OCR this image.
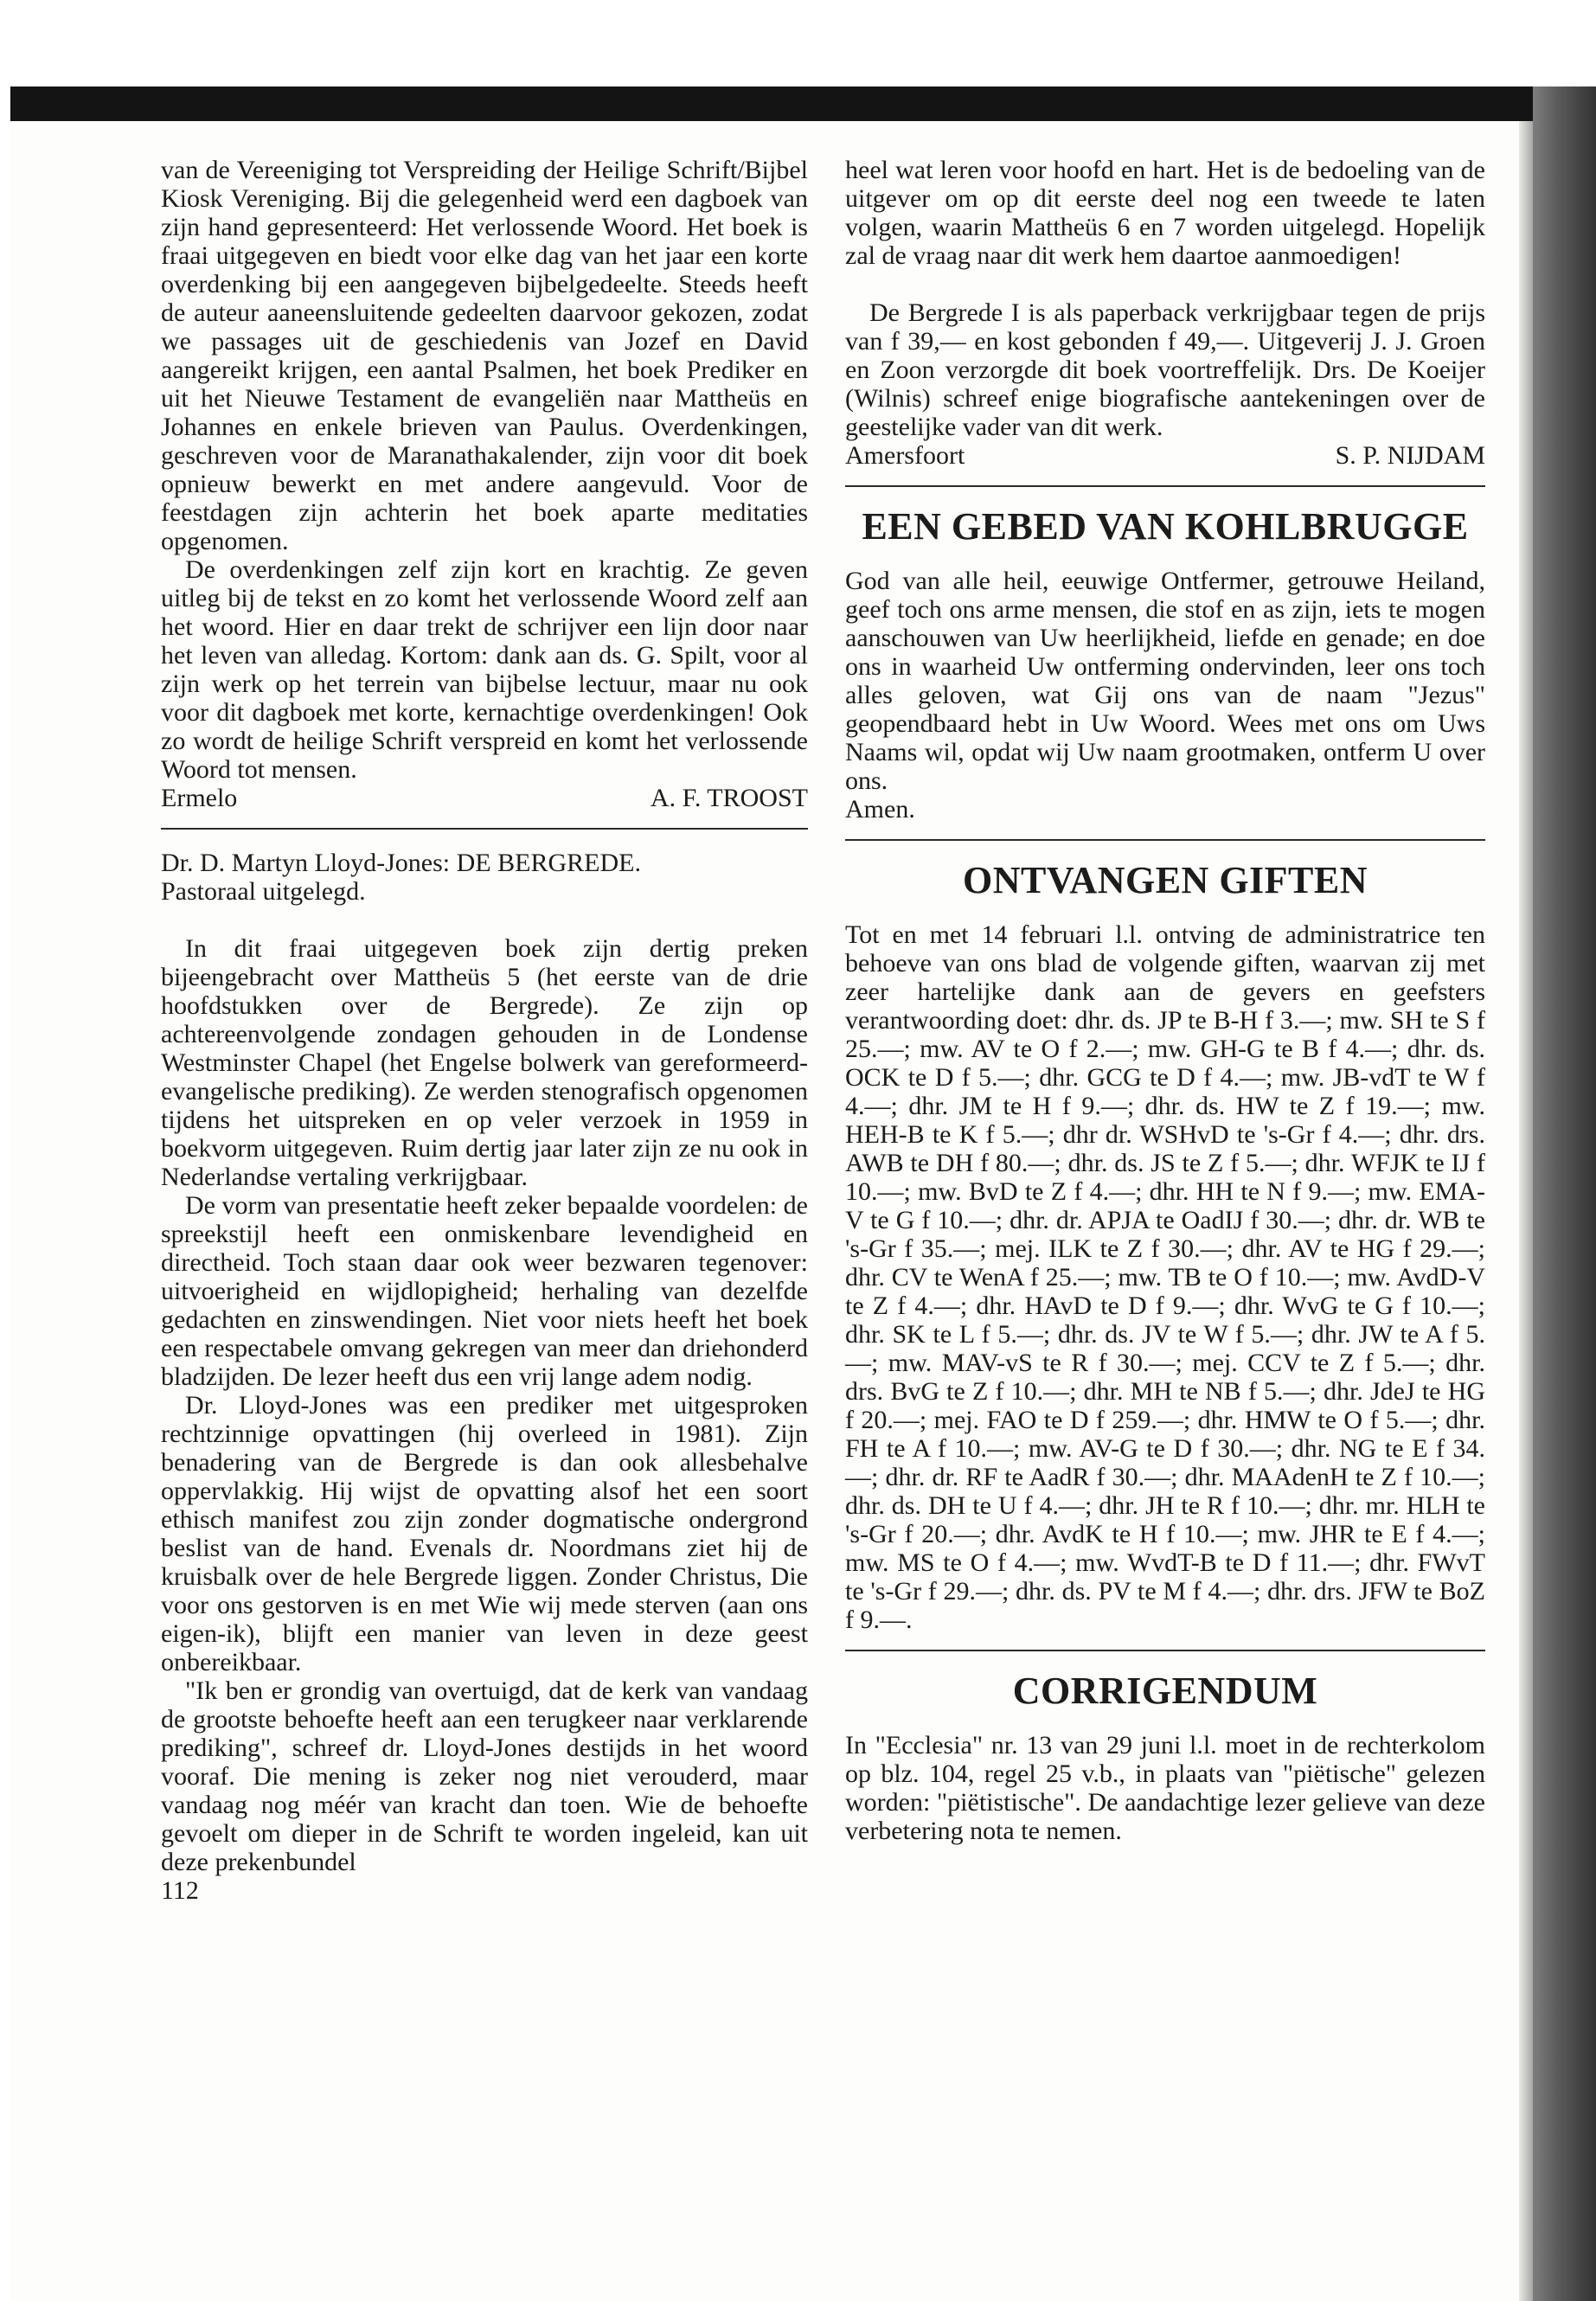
van de Vereeniging tot Verspreiding der Heilige Schrift/Bijbel Kiosk Vereniging. Bij die gelegenheid werd een dagboek van zijn hand gepresenteerd: Het verlossende Woord. Het boek is fraai uitgegeven en biedt voor elke dag van het jaar een korte overdenking bij een aangegeven bijbelgedeelte. Steeds heeft de auteur aaneensluitende gedeelten daarvoor gekozen, zodat we passages uit de geschiedenis van Jozef en David aangereikt krijgen, een aantal Psalmen, het boek Prediker en uit het Nieuwe Testament de evangeliën naar Mattheüs en Johannes en enkele brieven van Paulus. Overdenkingen, geschreven voor de Maranathakalender, zijn voor dit boek opnieuw bewerkt en met andere aangevuld. Voor de feestdagen zijn achterin het boek aparte meditaties opgenomen.

De overdenkingen zelf zijn kort en krachtig. Ze geven uitleg bij de tekst en zo komt het verlossende Woord zelf aan het woord. Hier en daar trekt de schrijver een lijn door naar het leven van alledag. Kortom: dank aan ds. G. Spilt, voor al zijn werk op het terrein van bijbelse lectuur, maar nu ook voor dit dagboek met korte, kernachtige overdenkingen! Ook zo wordt de heilige Schrift verspreid en komt het verlossende Woord tot mensen.

Ermelo	A. F. TROOST

Dr. D. Martyn Lloyd-Jones: DE BERGREDE.

Pastoraal uitgelegd.

In dit fraai uitgegeven boek zijn dertig preken bijeengebracht over Mattheüs 5 (het eerste van de drie hoofdstukken over de Bergrede). Ze zijn op achtereenvolgende zondagen gehouden in de Londense Westminster Chapel (het Engelse bolwerk van gereformeerd-evangelische prediking). Ze werden stenografisch opgenomen tijdens het uitspreken en op veler verzoek in 1959 in boekvorm uitgegeven. Ruim dertig jaar later zijn ze nu ook in Nederlandse vertaling verkrijgbaar.

De vorm van presentatie heeft zeker bepaalde voordelen: de spreekstijl heeft een onmiskenbare levendigheid en directheid. Toch staan daar ook weer bezwaren tegenover: uitvoerigheid en wijdlopigheid; herhaling van dezelfde gedachten en zinswendingen. Niet voor niets heeft het boek een respectabele omvang gekregen van meer dan driehonderd bladzijden. De lezer heeft dus een vrij lange adem nodig.

Dr. Lloyd-Jones was een prediker met uitgesproken rechtzinnige opvattingen (hij overleed in 1981). Zijn benadering van de Bergrede is dan ook allesbehalve oppervlakkig. Hij wijst de opvatting alsof het een soort ethisch manifest zou zijn zonder dogmatische ondergrond beslist van de hand. Evenals dr. Noordmans ziet hij de kruisbalk over de hele Bergrede liggen. Zonder Christus, Die voor ons gestorven is en met Wie wij mede sterven (aan ons eigen-ik), blijft een manier van leven in deze geest onbereikbaar.

"Ik ben er grondig van overtuigd, dat de kerk van vandaag de grootste behoefte heeft aan een terugkeer naar verklarende prediking", schreef dr. Lloyd-Jones destijds in het woord vooraf. Die mening is zeker nog niet verouderd, maar vandaag nog méér van kracht dan toen. Wie de behoefte gevoelt om dieper in de Schrift te worden ingeleid, kan uit deze prekenbundel

112

heel wat leren voor hoofd en hart. Het is de bedoeling van de uitgever om op dit eerste deel nog een tweede te laten volgen, waarin Mattheüs 6 en 7 worden uitgelegd. Hopelijk zal de vraag naar dit werk hem daartoe aanmoedigen!

De Bergrede I is als paperback verkrijgbaar tegen de prijs van f 39,— en kost gebonden f 49,—. Uitgeverij J. J. Groen en Zoon verzorgde dit boek voortreffelijk. Drs. De Koeijer (Wilnis) schreef enige biografische aantekeningen over de geestelijke vader van dit werk.

Amersfoort	S. P. NIJDAM
EEN GEBED VAN KOHLBRUGGE

God van alle heil, eeuwige Ontfermer, getrouwe Heiland, geef toch ons arme mensen, die stof en as zijn, iets te mogen aanschouwen van Uw heerlijkheid, liefde en genade; en doe ons in waarheid Uw ontferming ondervinden, leer ons toch alles geloven, wat Gij ons van de naam "Jezus" geopendbaard hebt in Uw Woord. Wees met ons om Uws Naams wil, opdat wij Uw naam grootmaken, ontferm U over ons.

Amen.

ONTVANGEN GIFTEN

Tot en met 14 februari l.l. ontving de administratrice ten behoeve van ons blad de volgende giften, waarvan zij met zeer hartelijke dank aan de gevers en geefsters verantwoording doet: dhr. ds. JP te B-H f 3.—; mw. SH te S f 25.—; mw. AV te O f 2.—; mw. GH-G te B f 4.—; dhr. ds. OCK te D f 5.—; dhr. GCG te D f 4.—; mw. JB-vdT te W f 4.—; dhr. JM te H f 9.—; dhr. ds. HW te Z f 19.—; mw. HEH-B te K f 5.—; dhr dr. WSHvD te 's-Gr f 4.—; dhr. drs. AWB te DH f 80.—; dhr. ds. JS te Z f 5.—; dhr. WFJK te IJ f 10.—; mw. BvD te Z f 4.—; dhr. HH te N f 9.—; mw. EMA-V te G f 10.—; dhr. dr. APJA te OadIJ f 30.—; dhr. dr. WB te 's-Gr f 35.—; mej. ILK te Z f 30.—; dhr. AV te HG f 29.—; dhr. CV te WenA f 25.—; mw. TB te O f 10.—; mw. AvdD-V te Z f 4.—; dhr. HAvD te D f 9.—; dhr. WvG te G f 10.—; dhr. SK te L f 5.—; dhr. ds. JV te W f 5.—; dhr. JW te A f 5.—; mw. MAV-vS te R f 30.—; mej. CCV te Z f 5.—; dhr. drs. BvG te Z f 10.—; dhr. MH te NB f 5.—; dhr. JdeJ te HG f 20.—; mej. FAO te D f 259.—; dhr. HMW te O f 5.—; dhr. FH te A f 10.—; mw. AV-G te D f 30.—; dhr. NG te E f 34.—; dhr. dr. RF te AadR f 30.—; dhr. MAAdenH te Z f 10.—; dhr. ds. DH te U f 4.—; dhr. JH te R f 10.—; dhr. mr. HLH te 's-Gr f 20.—; dhr. AvdK te H f 10.—; mw. JHR te E f 4.—; mw. MS te O f 4.—; mw. WvdT-B te D f 11.—; dhr. FWvT te 's-Gr f 29.—; dhr. ds. PV te M f 4.—; dhr. drs. JFW te BoZ f 9.—.

CORRIGENDUM

In "Ecclesia" nr. 13 van 29 juni l.l. moet in de rechterkolom op blz. 104, regel 25 v.b., in plaats van "piëtische" gelezen worden: "piëtistische". De aandachtige lezer gelieve van deze verbetering nota te nemen.
